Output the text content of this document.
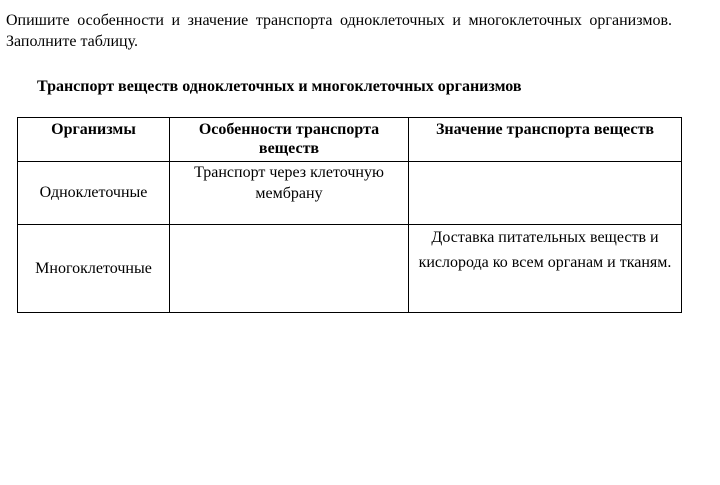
Опишите особенности и значение транспорта одноклеточных и многоклеточных организмов. Заполните таблицу.
Транспорт веществ одноклеточных и многоклеточных организмов
Организмы	Особенности транспорта веществ	Значение транспорта веществ
Одноклеточные	Транспорт через клеточную мембрану	
Многоклеточные		Доставка питательных веществ и кислорода ко всем органам и тканям.
